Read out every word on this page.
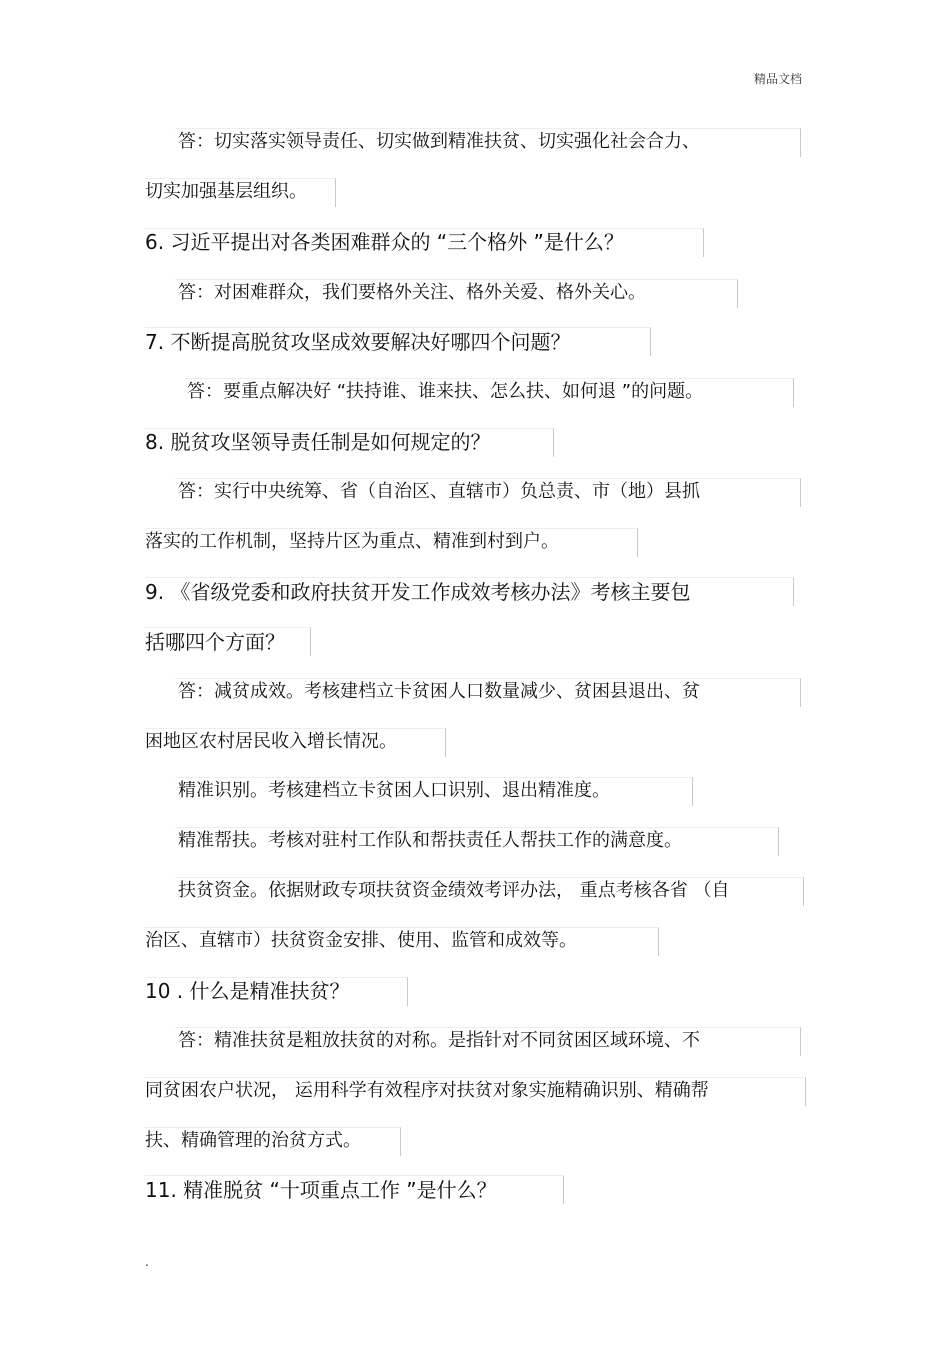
精品文档
答：切实落实领导责任、切实做到精准扶贫、切实强化社会合力、
切实加强基层组织。
6. 习近平提出对各类困难群众的 “三个格外 ”是什么？
答：对困难群众，我们要格外关注、格外关爱、格外关心。
7. 不断提高脱贫攻坚成效要解决好哪四个问题？
答：要重点解决好 “扶持谁、谁来扶、怎么扶、如何退 ”的问题。
8. 脱贫攻坚领导责任制是如何规定的？
答：实行中央统筹、省（自治区、直辖市）负总责、市（地）县抓
落实的工作机制，坚持片区为重点、精准到村到户。
9. 《省级党委和政府扶贫开发工作成效考核办法》考核主要包
括哪四个方面？
答：减贫成效。考核建档立卡贫困人口数量减少、贫困县退出、贫
困地区农村居民收入增长情况。
精准识别。考核建档立卡贫困人口识别、退出精准度。
精准帮扶。考核对驻村工作队和帮扶责任人帮扶工作的满意度。
扶贫资金。依据财政专项扶贫资金绩效考评办法， 重点考核各省 （自
治区、直辖市）扶贫资金安排、使用、监管和成效等。
10 . 什么是精准扶贫？
答：精准扶贫是粗放扶贫的对称。是指针对不同贫困区域环境、不
同贫困农户状况， 运用科学有效程序对扶贫对象实施精确识别、精确帮
扶、精确管理的治贫方式。
11. 精准脱贫 “十项重点工作 ”是什么？
.
